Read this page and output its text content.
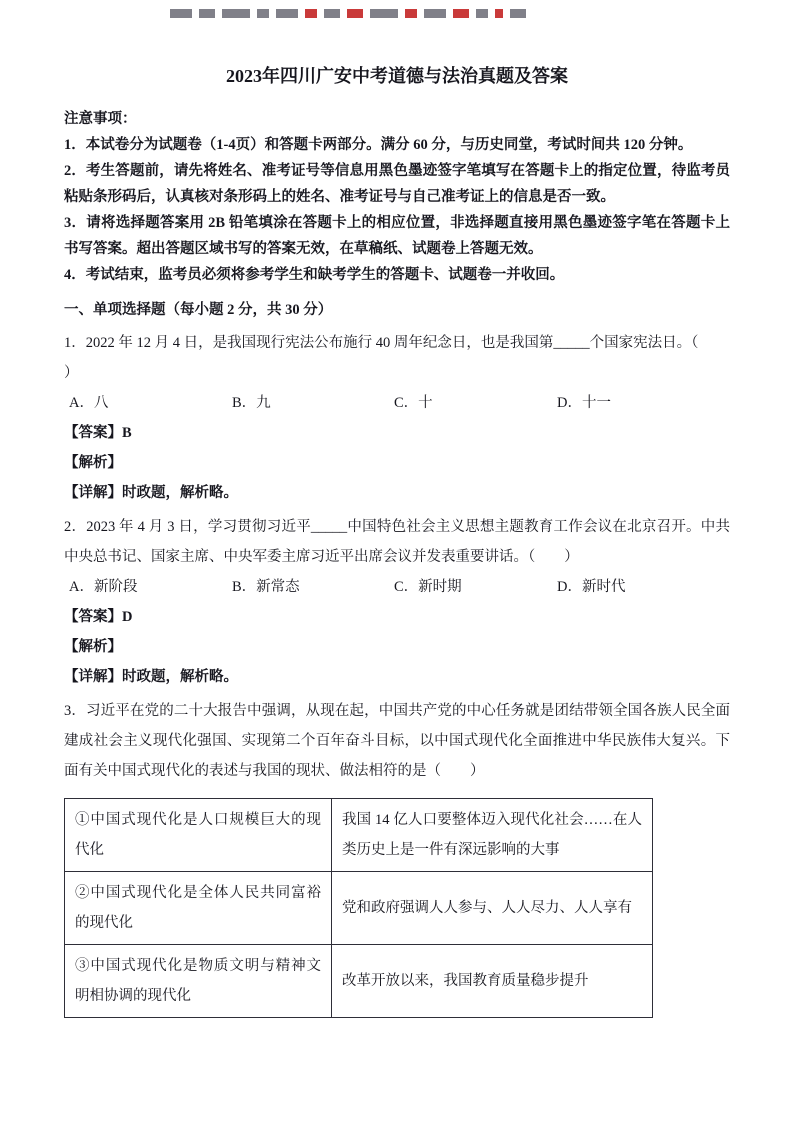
2023年四川广安中考道德与法治真题及答案

注意事项：

1．本试卷分为试题卷（1-4页）和答题卡两部分。满分 60 分，与历史同堂，考试时间共 120 分钟。

2．考生答题前，请先将姓名、准考证号等信息用黑色墨迹签字笔填写在答题卡上的指定位置，待监考员粘贴条形码后，认真核对条形码上的姓名、准考证号与自己准考证上的信息是否一致。

3．请将选择题答案用 2B 铅笔填涂在答题卡上的相应位置，非选择题直接用黑色墨迹签字笔在答题卡上书写答案。超出答题区域书写的答案无效，在草稿纸、试题卷上答题无效。

4．考试结束，监考员必须将参考学生和缺考学生的答题卡、试题卷一并收回。

一、单项选择题（每小题 2 分，共 30 分）

1．2022 年 12 月 4 日，是我国现行宪法公布施行 40 周年纪念日，也是我国第_____个国家宪法日。（

）

A．八	B．九	C．十	D．十一

【答案】B

【解析】

【详解】时政题，解析略。

2．2023 年 4 月 3 日，学习贯彻习近平_____中国特色社会主义思想主题教育工作会议在北京召开。中共中央总书记、国家主席、中央军委主席习近平出席会议并发表重要讲话。（　　）

A．新阶段	B．新常态	C．新时期	D．新时代

【答案】D

【解析】

【详解】时政题，解析略。

3．习近平在党的二十大报告中强调，从现在起，中国共产党的中心任务就是团结带领全国各族人民全面建成社会主义现代化强国、实现第二个百年奋斗目标，以中国式现代化全面推进中华民族伟大复兴。下面有关中国式现代化的表述与我国的现状、做法相符的是（　　）

①中国式现代化是人口规模巨大的现代化	我国 14 亿人口要整体迈入现代化社会……在人类历史上是一件有深远影响的大事
②中国式现代化是全体人民共同富裕的现代化	党和政府强调人人参与、人人尽力、人人享有
③中国式现代化是物质文明与精神文明相协调的现代化	改革开放以来，我国教育质量稳步提升
